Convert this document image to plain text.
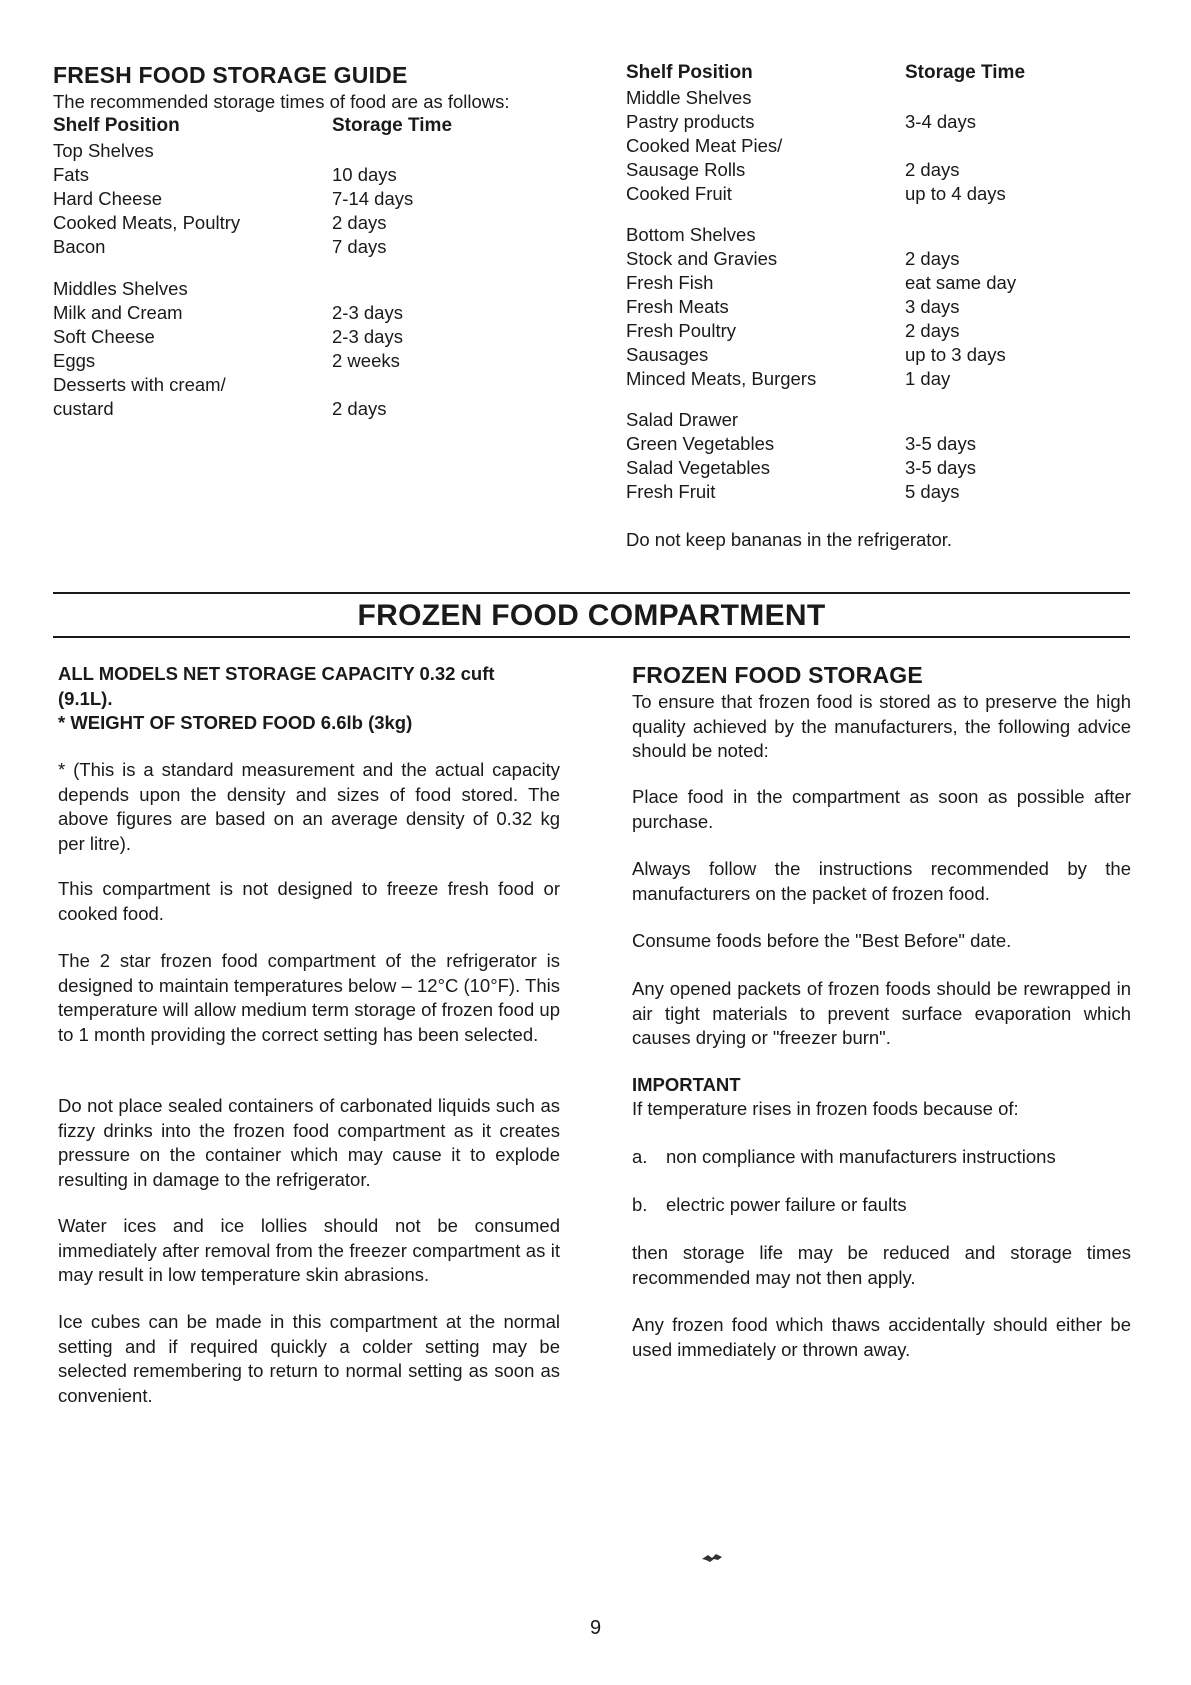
FRESH FOOD STORAGE GUIDE
The recommended storage times of food are as follows:
Shelf Position	Storage Time
Top Shelves
Fats	10 days
Hard Cheese	7-14 days
Cooked Meats, Poultry	2 days
Bacon	7 days
Middles Shelves
Milk and Cream	2-3 days
Soft Cheese	2-3 days
Eggs	2 weeks
Desserts with cream/
custard	2 days
Shelf Position	Storage Time
Middle Shelves
Pastry products	3-4 days
Cooked Meat Pies/
Sausage Rolls	2 days
Cooked Fruit	up to 4 days
Bottom Shelves
Stock and Gravies	2 days
Fresh Fish	eat same day
Fresh Meats	3 days
Fresh Poultry	2 days
Sausages	up to 3 days
Minced Meats, Burgers	1 day
Salad Drawer
Green Vegetables	3-5 days
Salad Vegetables	3-5 days
Fresh Fruit	5 days
Do not keep bananas in the refrigerator.
FROZEN FOOD COMPARTMENT
ALL MODELS NET STORAGE CAPACITY 0.32 cuft
(9.1L).
* WEIGHT OF STORED FOOD 6.6lb (3kg)
* (This is a standard measurement and the actual capacity depends upon the density and sizes of food stored. The above figures are based on an average density of 0.32 kg per litre).
This compartment is not designed to freeze fresh food or cooked food.
The 2 star frozen food compartment of the refrigerator is designed to maintain temperatures below – 12°C (10°F). This temperature will allow medium term storage of frozen food up to 1 month providing the correct setting has been selected.
Do not place sealed containers of carbonated liquids such as fizzy drinks into the frozen food compartment as it creates pressure on the container which may cause it to explode resulting in damage to the refrigerator.
Water ices and ice lollies should not be consumed immediately after removal from the freezer compartment as it may result in low temperature skin abrasions.
Ice cubes can be made in this compartment at the normal setting and if required quickly a colder setting may be selected remembering to return to normal setting as soon as convenient.
FROZEN FOOD STORAGE
To ensure that frozen food is stored as to preserve the high quality achieved by the manufacturers, the following advice should be noted:
Place food in the compartment as soon as possible after purchase.
Always follow the instructions recommended by the manufacturers on the packet of frozen food.
Consume foods before the "Best Before" date.
Any opened packets of frozen foods should be rewrapped in air tight materials to prevent surface evaporation which causes drying or "freezer burn".
IMPORTANT
If temperature rises in frozen foods because of:
a. non compliance with manufacturers instructions
b. electric power failure or faults
then storage life may be reduced and storage times recommended may not then apply.
Any frozen food which thaws accidentally should either be used immediately or thrown away.
9
